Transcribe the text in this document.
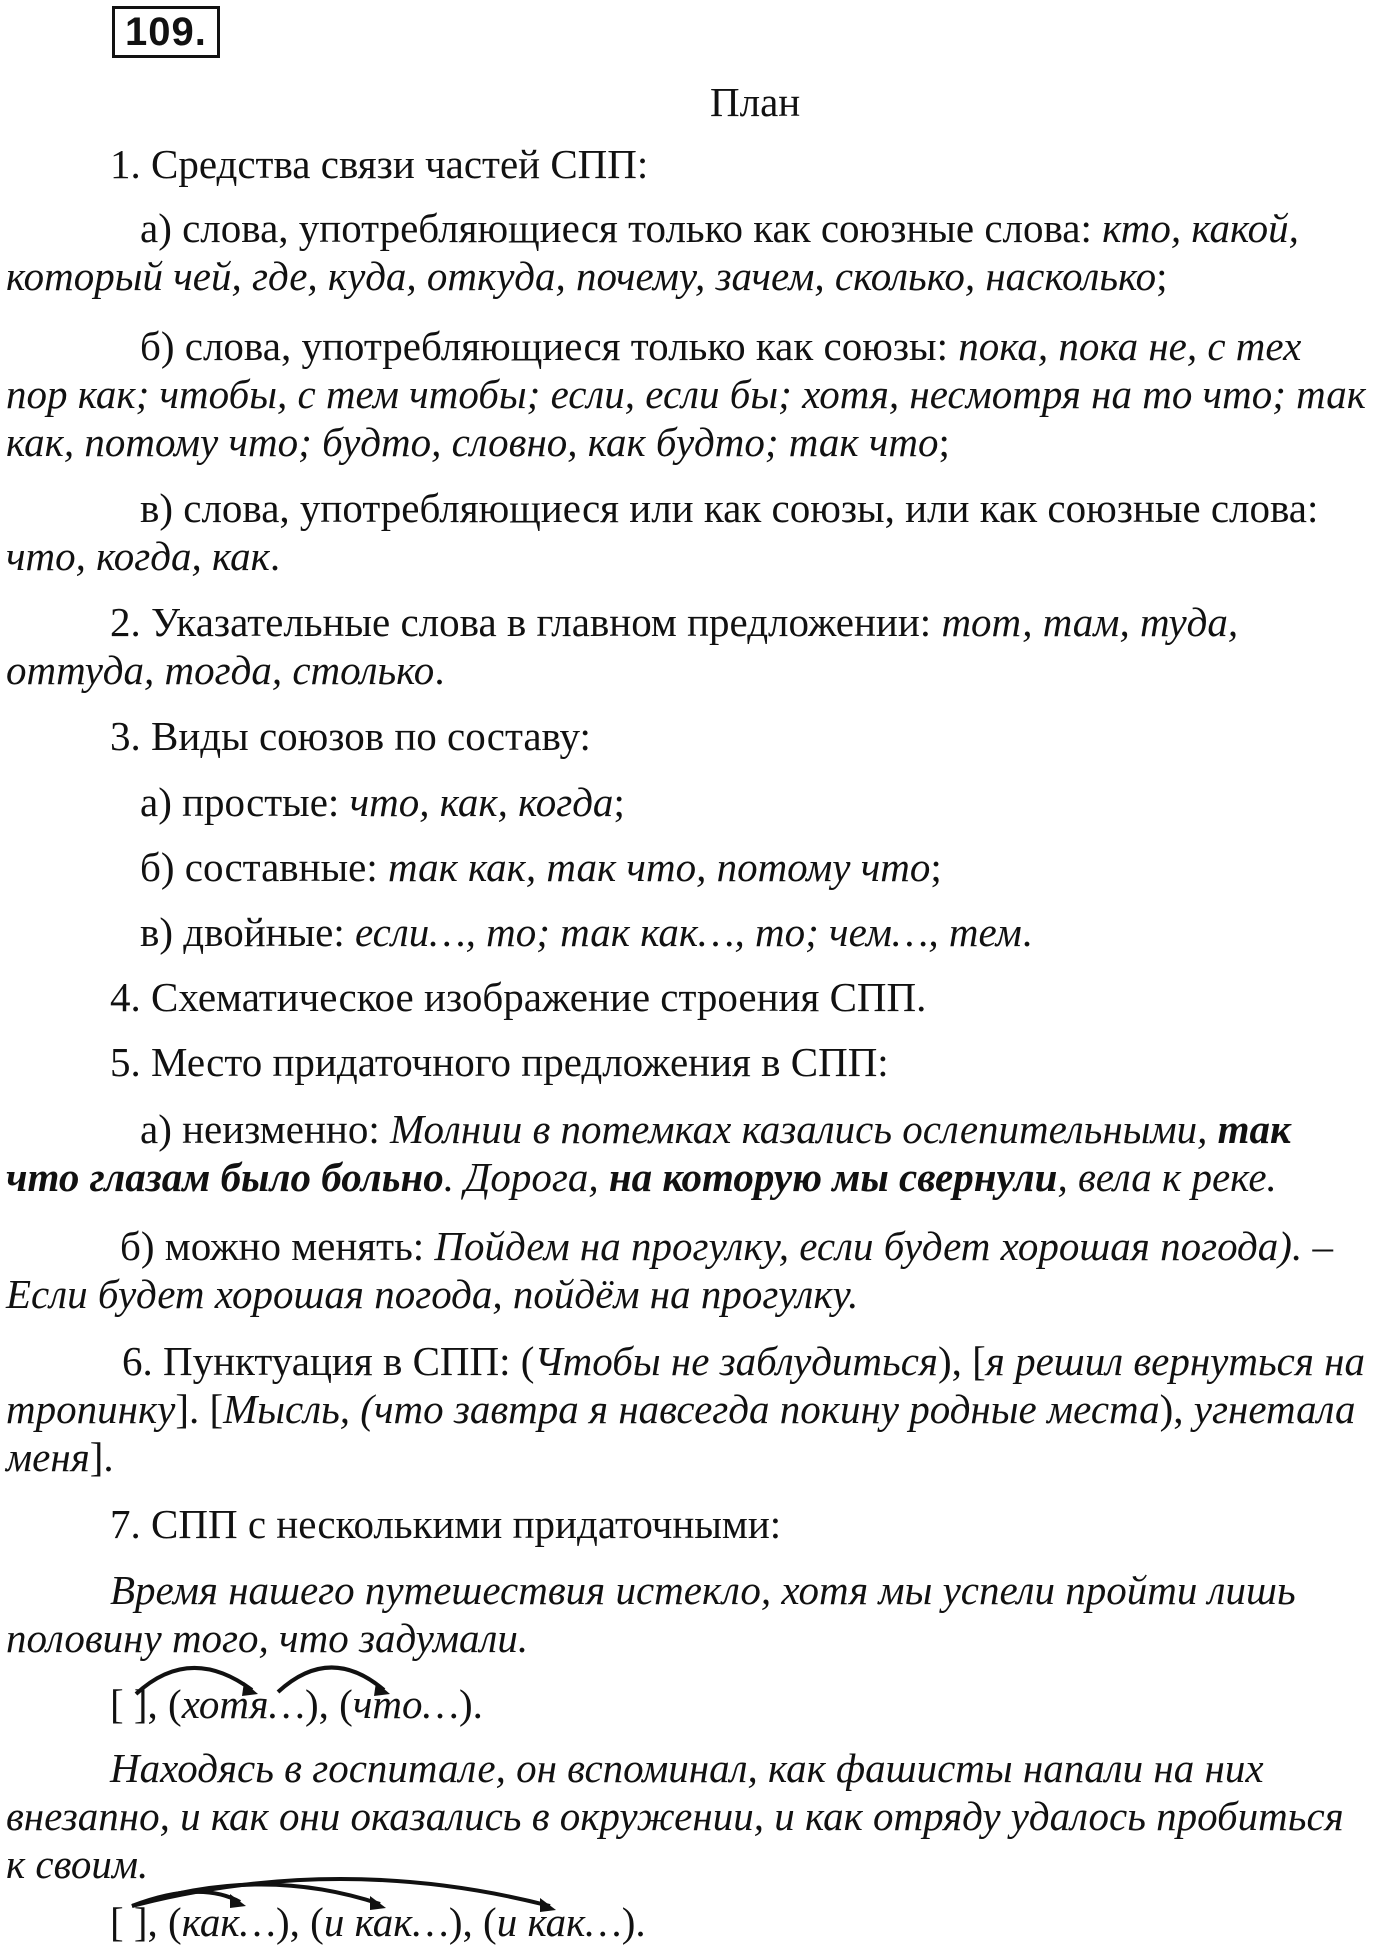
109.
План
1. Средства связи частей СПП:
а) слова, употребляющиеся только как союзные слова: кто, какой,
который чей, где, куда, откуда, почему, зачем, сколько, насколько;
б) слова, употребляющиеся только как союзы: пока, пока не, с тех
пор как; чтобы, с тем чтобы; если, если бы; хотя, несмотря на то что; так
как, потому что; будто, словно, как будто; так что;
в) слова, употребляющиеся или как союзы, или как союзные слова:
что, когда, как.
2. Указательные слова в главном предложении: тот, там, туда,
оттуда, тогда, столько.
3. Виды союзов по составу:
а) простые: что, как, когда;
б) составные: так как, так что, потому что;
в) двойные: если…, то; так как…, то; чем…, тем.
4. Схематическое изображение строения СПП.
5. Место придаточного предложения в СПП:
а) неизменно: Молнии в потемках казались ослепительными, так
что глазам было больно. Дорога, на которую мы свернули, вела к реке.
б) можно менять: Пойдем на прогулку, если будет хорошая погода). –
Если будет хорошая погода, пойдём на прогулку.
6. Пунктуация в СПП: (Чтобы не заблудиться), [я решил вернуться на
тропинку]. [Мысль, (что завтра я навсегда покину родные места), угнетала
меня].
7. СПП с несколькими придаточными:
Время нашего путешествия истекло, хотя мы успели пройти лишь
половину того, что задумали.
[ ], (хотя…), (что…).
Находясь в госпитале, он вспоминал, как фашисты напали на них
внезапно, и как они оказались в окружении, и как отряду удалось пробиться
к своим.
[ ], (как…), (и как…), (и как…).
